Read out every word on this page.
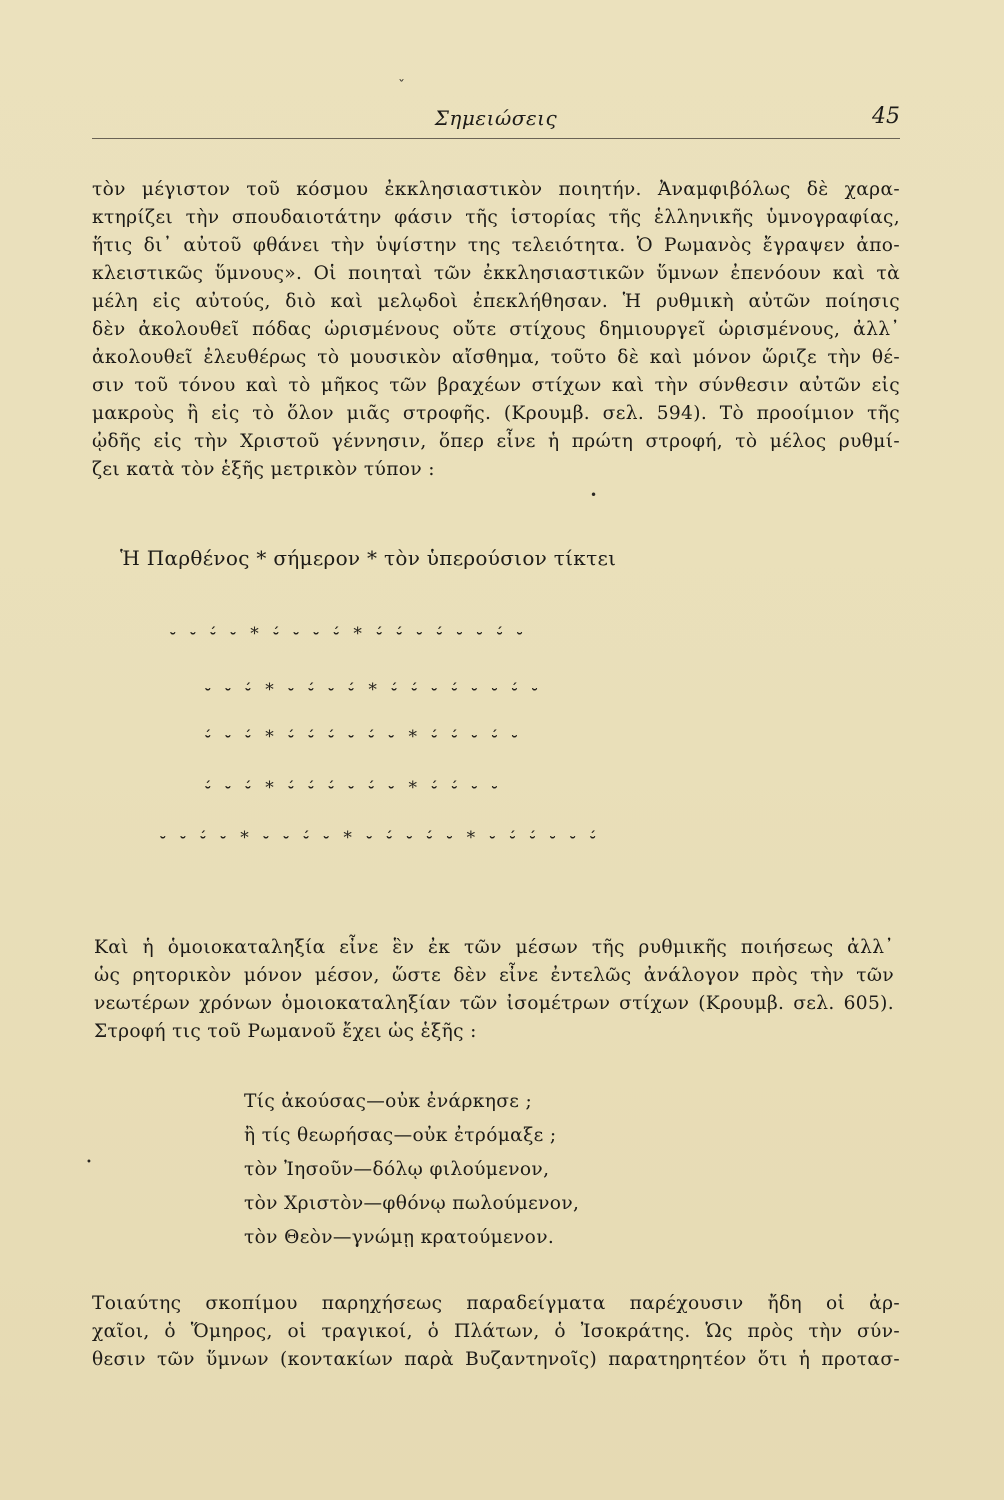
Σημειώσεις	45
τὸν μέγιστον τοῦ κόσμου ἐκκλησιαστικὸν ποιητήν. Ἀναμφιβόλως δὲ χαρα-
κτηρίζει τὴν σπουδαιοτάτην φάσιν τῆς ἱστορίας τῆς ἑλληνικῆς ὑμνογραφίας,
ἥτις δι᾿ αὐτοῦ φθάνει τὴν ὑψίστην της τελειότητα. Ὁ Ρωμανὸς ἔγραψεν ἀπο-
κλειστικῶς ὕμνους». Οἱ ποιηταὶ τῶν ἐκκλησιαστικῶν ὕμνων ἐπενόουν καὶ τὰ
μέλη εἰς αὐτούς, διὸ καὶ μελῳδοὶ ἐπεκλήθησαν. Ἡ ρυθμικὴ αὐτῶν ποίησις
δὲν ἀκολουθεῖ πόδας ὡρισμένους οὔτε στίχους δημιουργεῖ ὡρισμένους, ἀλλ᾿
ἀκολουθεῖ ἐλευθέρως τὸ μουσικὸν αἴσθημα, τοῦτο δὲ καὶ μόνον ὥριζε τὴν θέ-
σιν τοῦ τόνου καὶ τὸ μῆκος τῶν βραχέων στίχων καὶ τὴν σύνθεσιν αὐτῶν εἰς
μακροὺς ἢ εἰς τὸ ὅλον μιᾶς στροφῆς. (Κρουμβ. σελ. 594). Τὸ προοίμιον τῆς
ᾠδῆς εἰς τὴν Χριστοῦ γέννησιν, ὅπερ εἶνε ἡ πρώτη στροφή, τὸ μέλος ρυθμί-
ζει κατὰ τὸν ἑξῆς μετρικὸν τύπον :
Ἡ Παρθένος * σήμερον * τὸν ὑπερούσιον τίκτει
⏑ ⏑ ⏑́ ⏑ * ⏑́ ⏑ ⏑ ⏑́ * ⏑́ ⏑́ ⏑ ⏑́ ⏑ ⏑ ⏑́ ⏑
⏑ ⏑ ⏑́ * ⏑ ⏑́ ⏑ ⏑́ * ⏑́ ⏑́ ⏑ ⏑́ ⏑ ⏑ ⏑́ ⏑
⏑́ ⏑ ⏑́ * ⏑́ ⏑́ ⏑́ ⏑ ⏑́ ⏑ * ⏑́ ⏑́ ⏑ ⏑́ ⏑
⏑́ ⏑ ⏑́ * ⏑́ ⏑́ ⏑́ ⏑ ⏑́ ⏑ * ⏑́ ⏑́ ⏑ ⏑
⏑ ⏑ ⏑́ ⏑ * ⏑ ⏑ ⏑́ ⏑ * ⏑ ⏑́ ⏑ ⏑́ ⏑ * ⏑ ⏑́ ⏑́ ⏑ ⏑ ⏑́
Καὶ ἡ ὁμοιοκαταληξία εἶνε ἓν ἐκ τῶν μέσων τῆς ρυθμικῆς ποιήσεως ἀλλ᾿
ὡς ρητορικὸν μόνον μέσον, ὥστε δὲν εἶνε ἐντελῶς ἀνάλογον πρὸς τὴν τῶν
νεωτέρων χρόνων ὁμοιοκαταληξίαν τῶν ἰσομέτρων στίχων (Κρουμβ. σελ. 605).
Στροφή τις τοῦ Ρωμανοῦ ἔχει ὡς ἑξῆς :
Τίς ἀκούσας—οὐκ ἐνάρκησε ;
ἢ τίς θεωρήσας—οὐκ ἐτρόμαξε ;
τὸν Ἰησοῦν—δόλῳ φιλούμενον,
τὸν Χριστὸν—φθόνῳ πωλούμενον,
τὸν Θεὸν—γνώμῃ κρατούμενον.
Τοιαύτης σκοπίμου παρηχήσεως παραδείγματα παρέχουσιν ἤδη οἱ ἀρ-
χαῖοι, ὁ Ὅμηρος, οἱ τραγικοί, ὁ Πλάτων, ὁ Ἰσοκράτης. Ὡς πρὸς τὴν σύν-
θεσιν τῶν ὕμνων (κοντακίων παρὰ Βυζαντηνοῖς) παρατηρητέον ὅτι ἡ προτασ-
ˇ
•
•
